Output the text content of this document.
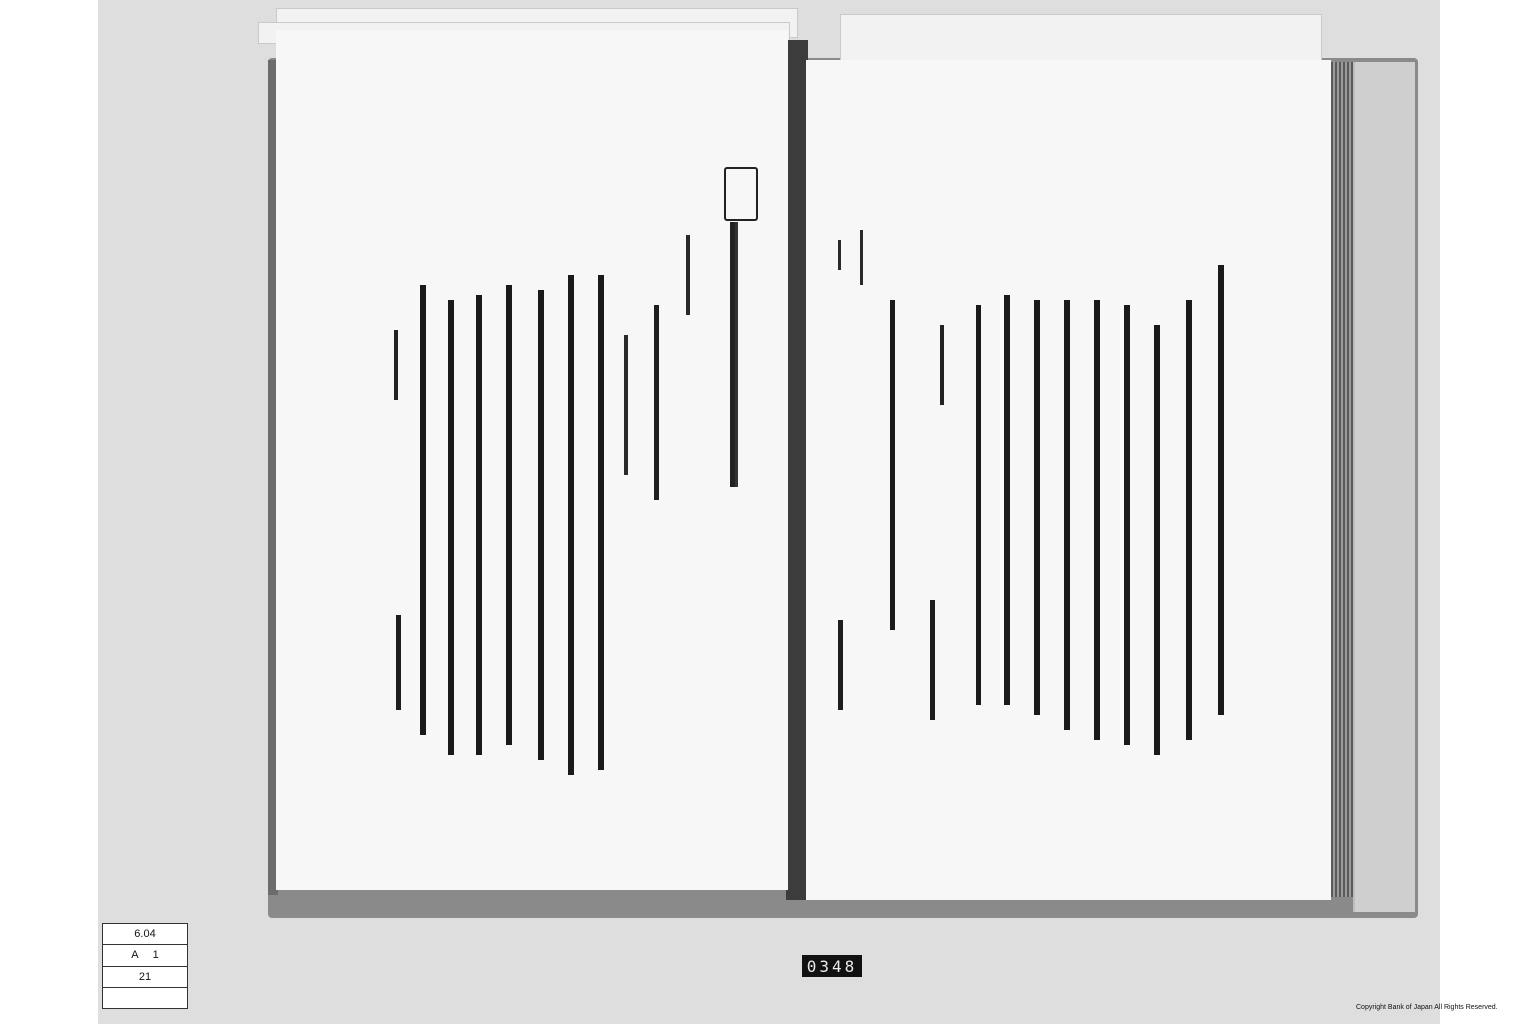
6.04
A 1
21
0348
Copyright Bank of Japan All Rights Reserved.
